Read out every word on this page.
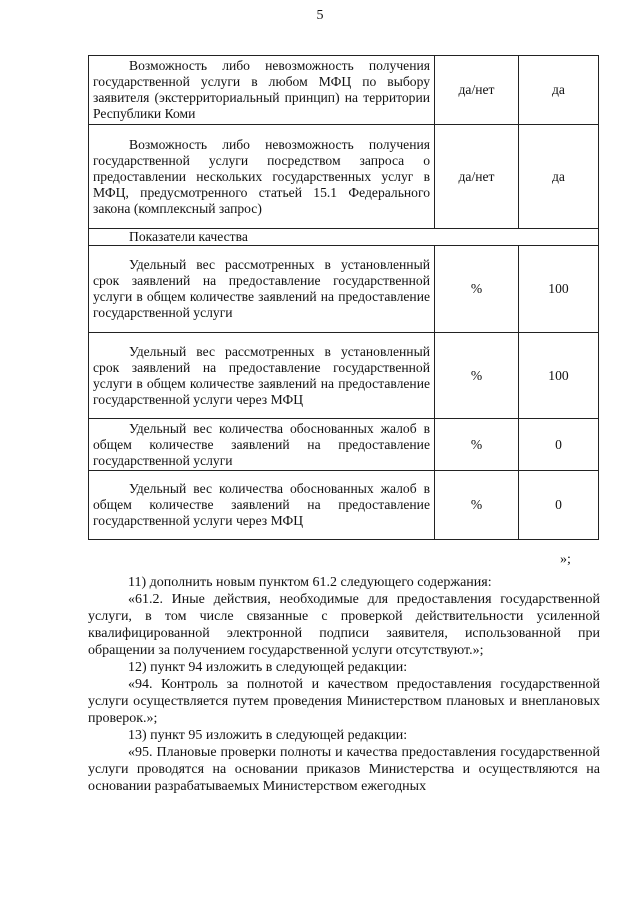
5
Возможность либо невозможность получения государственной услуги в любом МФЦ по выбору заявителя (экстерриториальный принцип) на территории Республики Коми	да/нет	да

Возможность либо невозможность получения государственной услуги посредством запроса о предоставлении нескольких государственных услуг в МФЦ, предусмотренного статьей 15.1 Федерального закона (комплексный запрос)	да/нет	да
Показатели качества		

Удельный вес рассмотренных в установленный срок заявлений на предоставление государственной услуги в общем количестве заявлений на предоставление государственной услуги	%	100

Удельный вес рассмотренных в установленный срок заявлений на предоставление государственной услуги в общем количестве заявлений на предоставление государственной услуги через МФЦ	%	100

Удельный вес количества обоснованных жалоб в общем количестве заявлений на предоставление государственной услуги	%	0

Удельный вес количества обоснованных жалоб в общем количестве заявлений на предоставление государственной услуги через МФЦ	%	0
»;

11) дополнить новым пунктом 61.2 следующего содержания:

«61.2. Иные действия, необходимые для предоставления государственной услуги, в том числе связанные с проверкой действительности усиленной квалифицированной электронной подписи заявителя, использованной при обращении за получением государственной услуги отсутствуют.»;

12) пункт 94 изложить в следующей редакции:

«94. Контроль за полнотой и качеством предоставления государственной услуги осуществляется путем проведения Министерством плановых и внеплановых проверок.»;

13) пункт 95 изложить в следующей редакции:

«95. Плановые проверки полноты и качества предоставления государственной услуги проводятся на основании приказов Министерства и осуществляются на основании разрабатываемых Министерством ежегодных
